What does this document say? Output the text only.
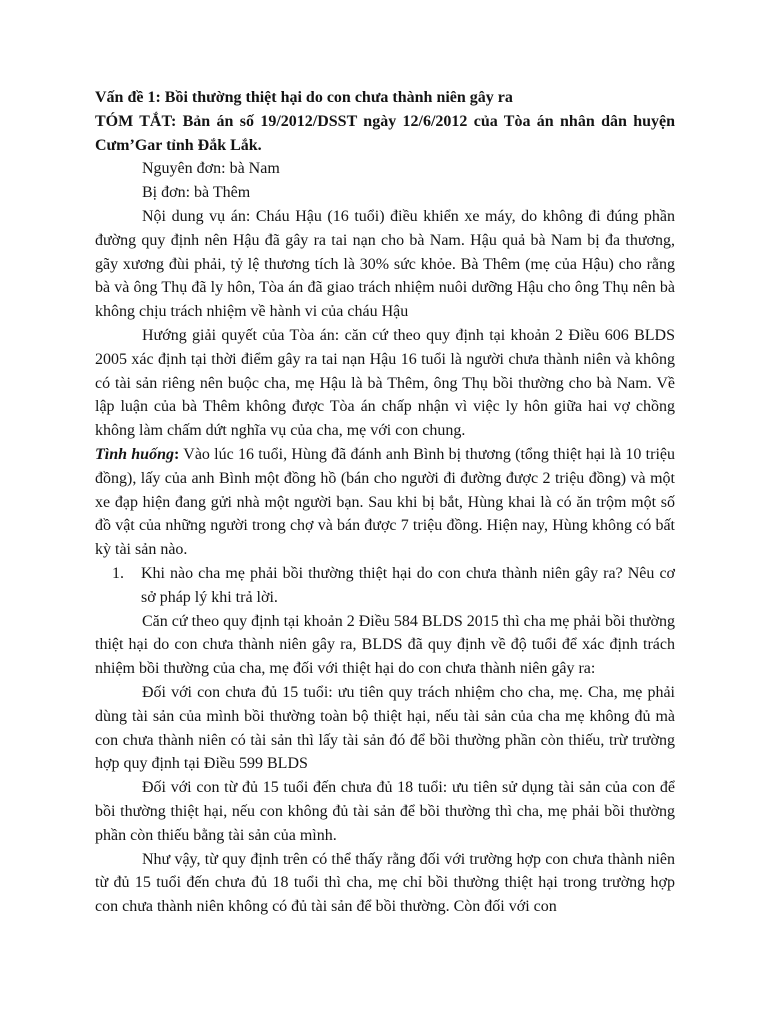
Vấn đề 1: Bồi thường thiệt hại do con chưa thành niên gây ra

TÓM TẮT: Bản án số 19/2012/DSST ngày 12/6/2012 của Tòa án nhân dân huyện Cưm’Gar tỉnh Đắk Lắk.

Nguyên đơn: bà Nam

Bị đơn: bà Thêm

Nội dung vụ án: Cháu Hậu (16 tuổi) điều khiển xe máy, do không đi đúng phần đường quy định nên Hậu đã gây ra tai nạn cho bà Nam. Hậu quả bà Nam bị đa thương, gãy xương đùi phải, tỷ lệ thương tích là 30% sức khỏe. Bà Thêm (mẹ của Hậu) cho rằng bà và ông Thụ đã ly hôn, Tòa án đã giao trách nhiệm nuôi dưỡng Hậu cho ông Thụ nên bà không chịu trách nhiệm về hành vi của cháu Hậu

Hướng giải quyết của Tòa án: căn cứ theo quy định tại khoản 2 Điều 606 BLDS 2005 xác định tại thời điểm gây ra tai nạn Hậu 16 tuổi là người chưa thành niên và không có tài sản riêng nên buộc cha, mẹ Hậu là bà Thêm, ông Thụ bồi thường cho bà Nam. Về lập luận của bà Thêm không được Tòa án chấp nhận vì việc ly hôn giữa hai vợ chồng không làm chấm dứt nghĩa vụ của cha, mẹ với con chung.

Tình huống: Vào lúc 16 tuổi, Hùng đã đánh anh Bình bị thương (tổng thiệt hại là 10 triệu đồng), lấy của anh Bình một đồng hồ (bán cho người đi đường được 2 triệu đồng) và một xe đạp hiện đang gửi nhà một người bạn. Sau khi bị bắt, Hùng khai là có ăn trộm một số đồ vật của những người trong chợ và bán được 7 triệu đồng. Hiện nay, Hùng không có bất kỳ tài sản nào.

1.	Khi nào cha mẹ phải bồi thường thiệt hại do con chưa thành niên gây ra? Nêu cơ sở pháp lý khi trả lời.

Căn cứ theo quy định tại khoản 2 Điều 584 BLDS 2015 thì cha mẹ phải bồi thường thiệt hại do con chưa thành niên gây ra, BLDS đã quy định về độ tuổi để xác định trách nhiệm bồi thường của cha, mẹ đối với thiệt hại do con chưa thành niên gây ra:

Đối với con chưa đủ 15 tuổi: ưu tiên quy trách nhiệm cho cha, mẹ. Cha, mẹ phải dùng tài sản của mình bồi thường toàn bộ thiệt hại, nếu tài sản của cha mẹ không đủ mà con chưa thành niên có tài sản thì lấy tài sản đó để bồi thường phần còn thiếu, trừ trường hợp quy định tại Điều 599 BLDS

Đối với con từ đủ 15 tuổi đến chưa đủ 18 tuổi: ưu tiên sử dụng tài sản của con để bồi thường thiệt hại, nếu con không đủ tài sản để bồi thường thì cha, mẹ phải bồi thường phần còn thiếu bằng tài sản của mình.

Như vậy, từ quy định trên có thể thấy rằng đối với trường hợp con chưa thành niên từ đủ 15 tuổi đến chưa đủ 18 tuổi thì cha, mẹ chỉ bồi thường thiệt hại trong trường hợp con chưa thành niên không có đủ tài sản để bồi thường. Còn đối với con
